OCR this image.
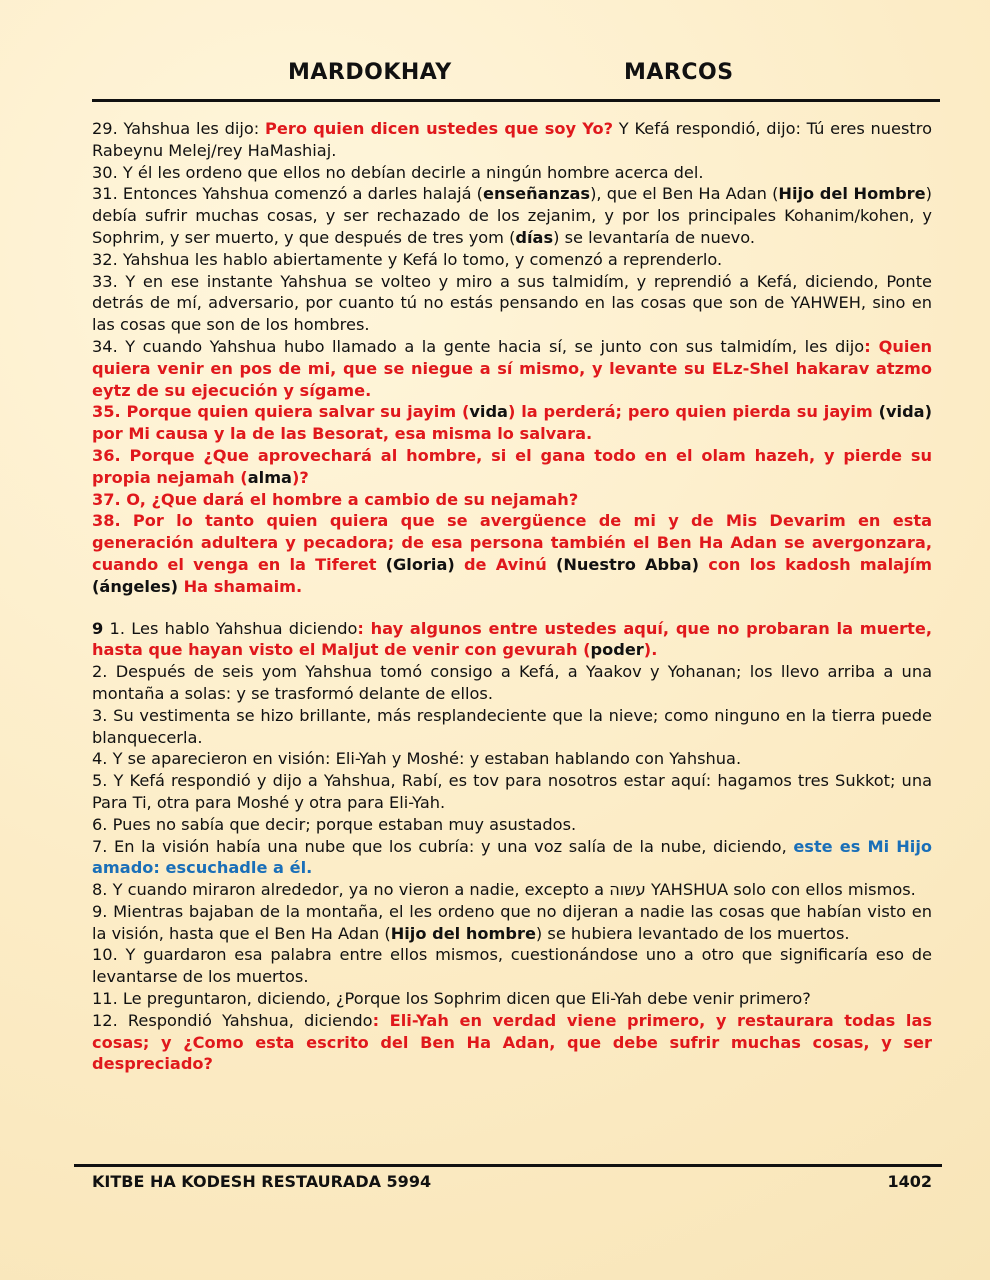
MARDOKHAY	MARCOS

29. Yahshua les dijo: Pero quien dicen ustedes que soy Yo? Y Kefá respondió, dijo: Tú eres nuestro Rabeynu Melej/rey HaMashiaj.

30. Y él les ordeno que ellos no debían decirle a ningún hombre acerca del.

31. Entonces Yahshua comenzó a darles halajá (enseñanzas), que el Ben Ha Adan (Hijo del Hombre) debía sufrir muchas cosas, y ser rechazado de los zejanim, y por los principales Kohanim/kohen, y Sophrim, y ser muerto, y que después de tres yom (días) se levantaría de nuevo.

32. Yahshua les hablo abiertamente y Kefá lo tomo, y comenzó a reprenderlo.

33. Y en ese instante Yahshua se volteo y miro a sus talmidím, y reprendió a Kefá, diciendo, Ponte detrás de mí, adversario, por cuanto tú no estás pensando en las cosas que son de YAHWEH, sino en las cosas que son de los hombres.

34. Y cuando Yahshua hubo llamado a la gente hacia sí, se junto con sus talmidím, les dijo: Quien quiera venir en pos de mi, que se niegue a sí mismo, y levante su ELz-Shel hakarav atzmo eytz de su ejecución y sígame.

35. Porque quien quiera salvar su jayim (vida) la perderá; pero quien pierda su jayim (vida) por Mi causa y la de las Besorat, esa misma lo salvara.

36. Porque ¿Que aprovechará al hombre, si el gana todo en el olam hazeh, y pierde su propia nejamah (alma)?

37. O, ¿Que dará el hombre a cambio de su nejamah?

38. Por lo tanto quien quiera que se avergüence de mi y de Mis Devarim en esta generación adultera y pecadora; de esa persona también el Ben Ha Adan se avergonzara, cuando el venga en la Tiferet (Gloria) de Avinú (Nuestro Abba) con los kadosh malajím (ángeles) Ha shamaim.

9 1. Les hablo Yahshua diciendo: hay algunos entre ustedes aquí, que no probaran la muerte, hasta que hayan visto el Maljut de venir con gevurah (poder).

2. Después de seis yom Yahshua tomó consigo a Kefá, a Yaakov y Yohanan; los llevo arriba a una montaña a solas: y se trasformó delante de ellos.

3. Su vestimenta se hizo brillante, más resplandeciente que la nieve; como ninguno en la tierra puede blanquecerla.

4. Y se aparecieron en visión: Eli-Yah y Moshé: y estaban hablando con Yahshua.

5. Y Kefá respondió y dijo a Yahshua, Rabí, es tov para nosotros estar aquí: hagamos tres Sukkot; una Para Ti, otra para Moshé y otra para Eli-Yah.

6. Pues no sabía que decir; porque estaban muy asustados.

7. En la visión había una nube que los cubría: y una voz salía de la nube, diciendo, este es Mi Hijo amado: escuchadle a él.

8. Y cuando miraron alrededor, ya no vieron a nadie, excepto a עשוה YAHSHUA solo con ellos mismos.

9. Mientras bajaban de la montaña, el les ordeno que no dijeran a nadie las cosas que habían visto en la visión, hasta que el Ben Ha Adan (Hijo del hombre) se hubiera levantado de los muertos.

10. Y guardaron esa palabra entre ellos mismos, cuestionándose uno a otro que significaría eso de levantarse de los muertos.

11. Le preguntaron, diciendo, ¿Porque los Sophrim dicen que Eli-Yah debe venir primero?

12. Respondió Yahshua, diciendo: Eli-Yah en verdad viene primero, y restaurara todas las cosas; y ¿Como esta escrito del Ben Ha Adan, que debe sufrir muchas cosas, y ser despreciado?

KITBE HA KODESH RESTAURADA 5994	1402
